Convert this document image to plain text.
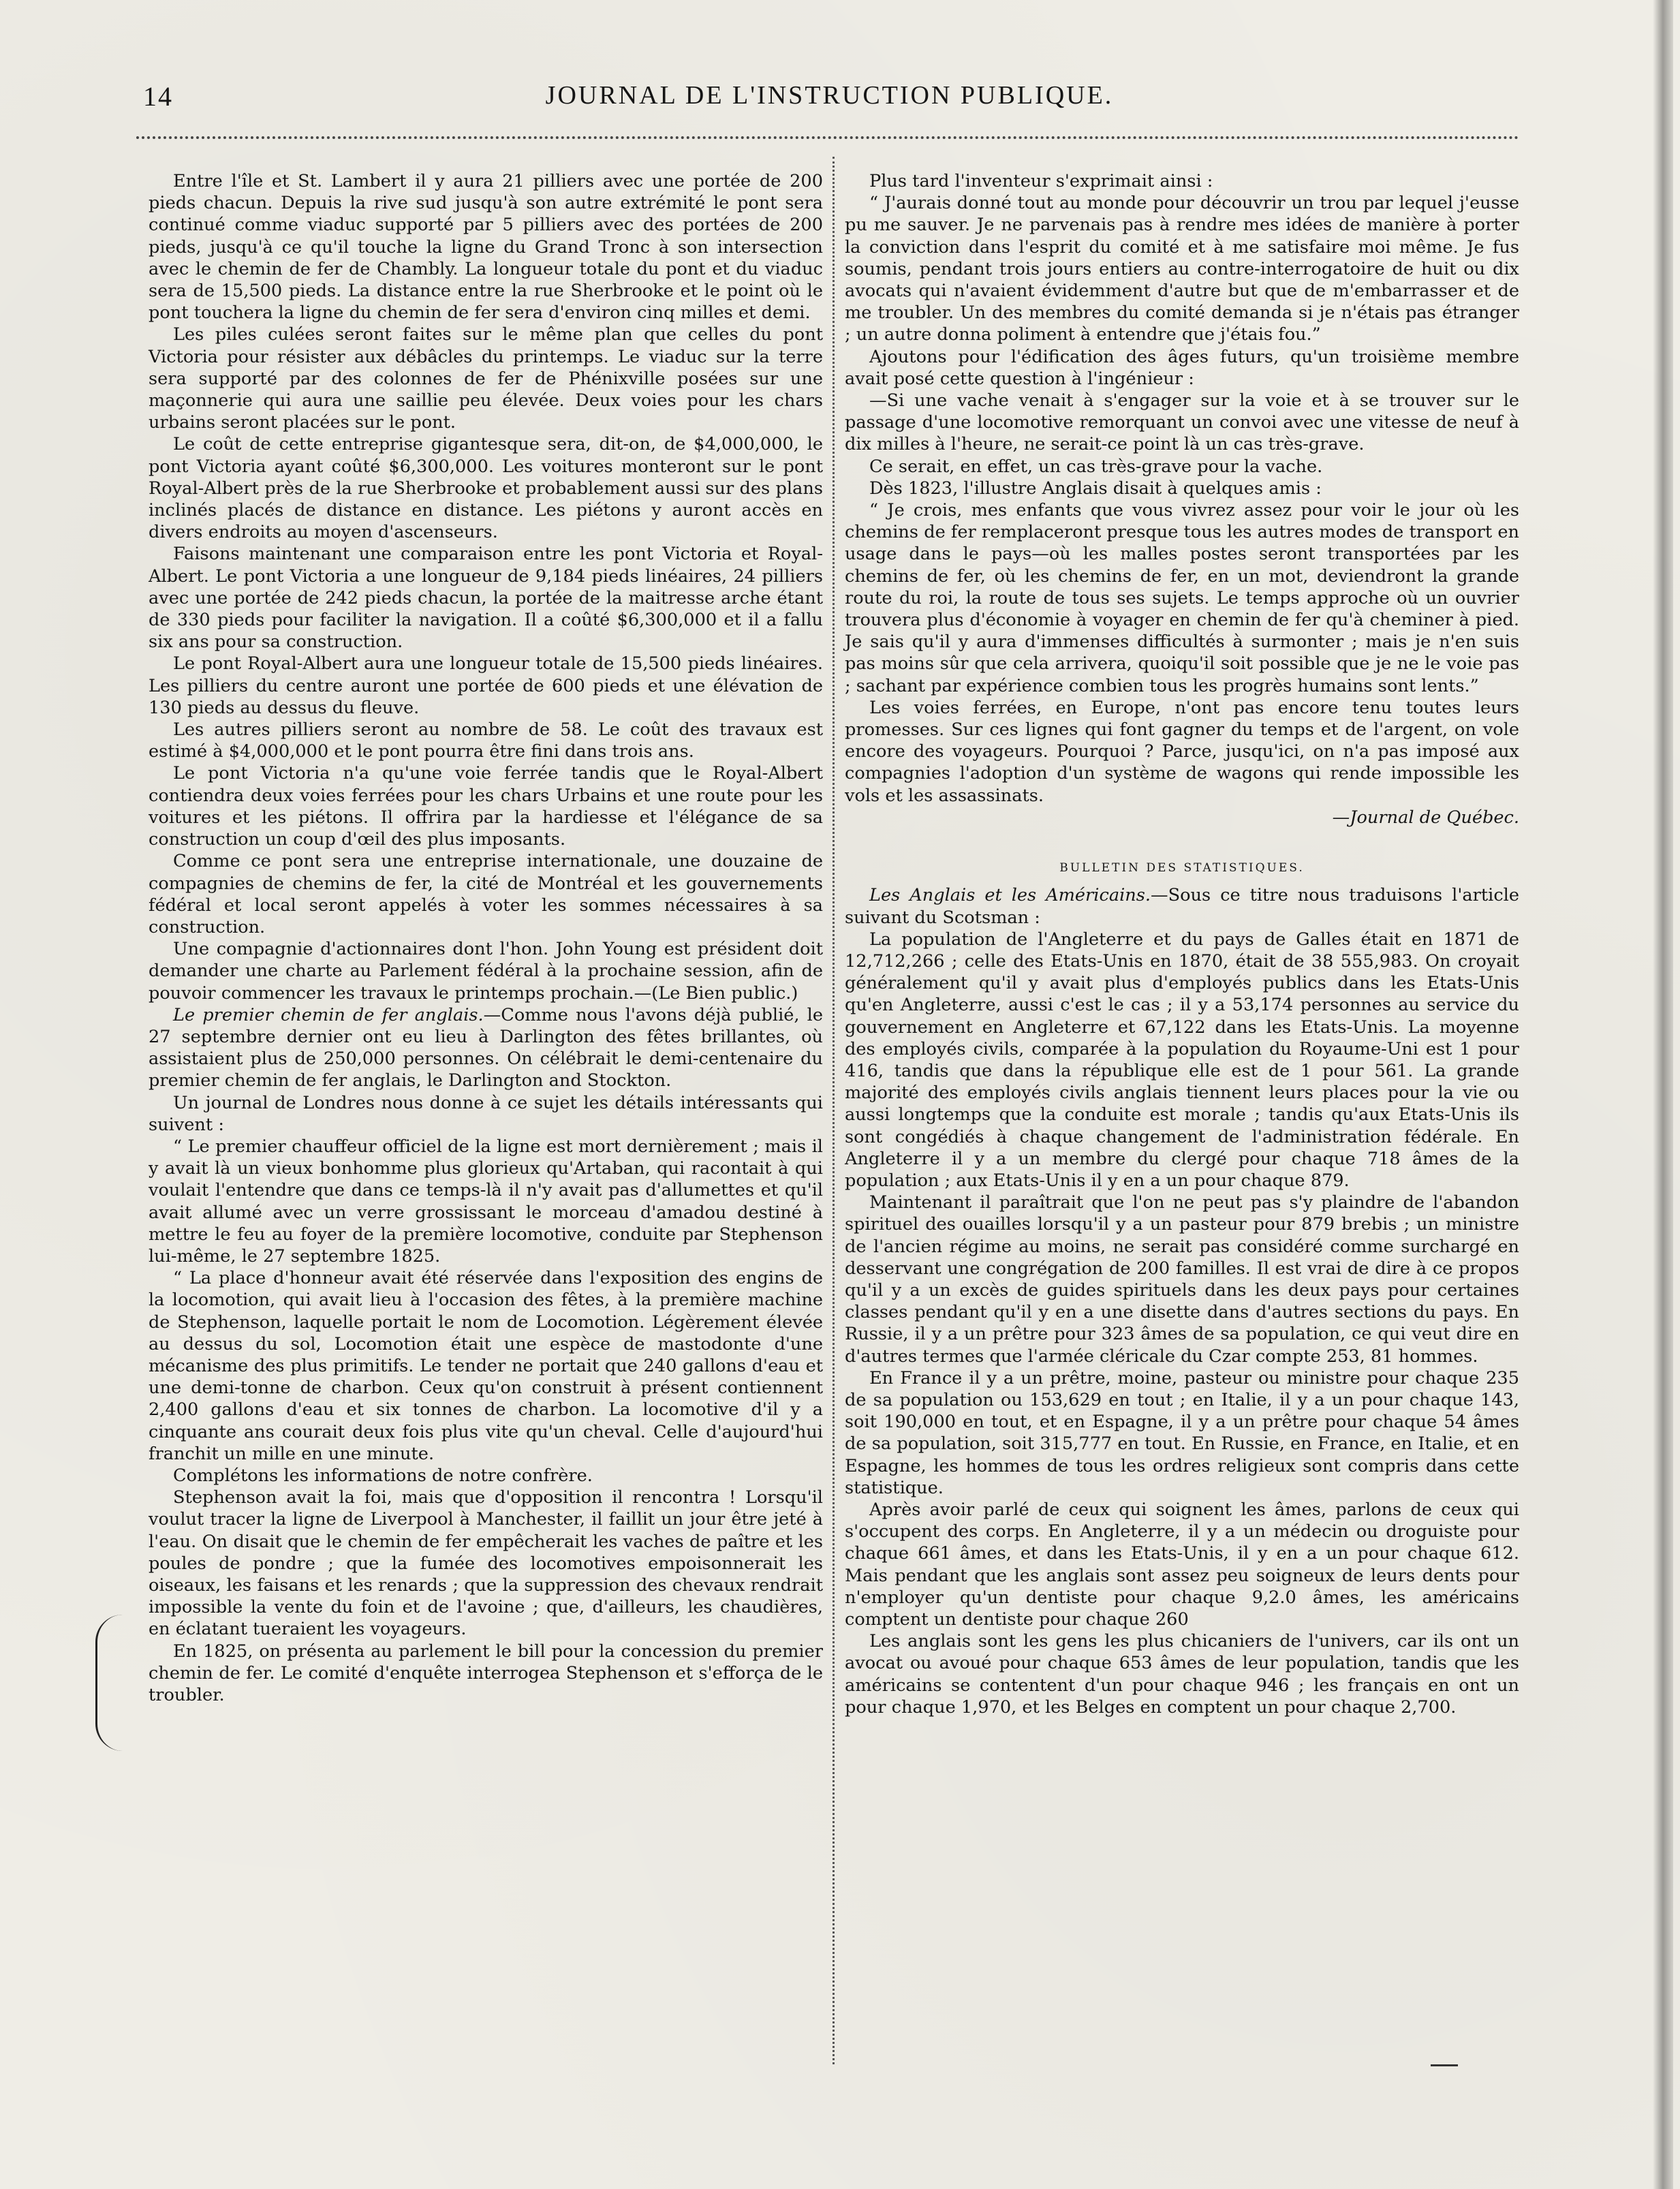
14	JOURNAL DE L'INSTRUCTION PUBLIQUE.

Entre l'île et St. Lambert il y aura 21 pilliers avec une portée de 200 pieds chacun. Depuis la rive sud jusqu'à son autre extrémité le pont sera continué comme viaduc supporté par 5 pilliers avec des portées de 200 pieds, jusqu'à ce qu'il touche la ligne du Grand Tronc à son intersection avec le chemin de fer de Chambly. La longueur totale du pont et du viaduc sera de 15,500 pieds. La distance entre la rue Sherbrooke et le point où le pont touchera la ligne du chemin de fer sera d'environ cinq milles et demi.

Les piles culées seront faites sur le même plan que celles du pont Victoria pour résister aux débâcles du printemps. Le viaduc sur la terre sera supporté par des colonnes de fer de Phénixville posées sur une maçonnerie qui aura une saillie peu élevée. Deux voies pour les chars urbains seront placées sur le pont.

Le coût de cette entreprise gigantesque sera, dit-on, de $4,000,000, le pont Victoria ayant coûté $6,300,000. Les voitures monteront sur le pont Royal-Albert près de la rue Sherbrooke et probablement aussi sur des plans inclinés placés de distance en distance. Les piétons y auront accès en divers endroits au moyen d'ascenseurs.

Faisons maintenant une comparaison entre les pont Victoria et Royal-Albert. Le pont Victoria a une longueur de 9,184 pieds linéaires, 24 pilliers avec une portée de 242 pieds chacun, la portée de la maitresse arche étant de 330 pieds pour faciliter la navigation. Il a coûté $6,300,000 et il a fallu six ans pour sa construction.

Le pont Royal-Albert aura une longueur totale de 15,500 pieds linéaires. Les pilliers du centre auront une portée de 600 pieds et une élévation de 130 pieds au dessus du fleuve.

Les autres pilliers seront au nombre de 58. Le coût des travaux est estimé à $4,000,000 et le pont pourra être fini dans trois ans.

Le pont Victoria n'a qu'une voie ferrée tandis que le Royal-Albert contiendra deux voies ferrées pour les chars Urbains et une route pour les voitures et les piétons. Il offrira par la hardiesse et l'élégance de sa construction un coup d'œil des plus imposants.

Comme ce pont sera une entreprise internationale, une douzaine de compagnies de chemins de fer, la cité de Montréal et les gouvernements fédéral et local seront appelés à voter les sommes nécessaires à sa construction.

Une compagnie d'actionnaires dont l'hon. John Young est président doit demander une charte au Parlement fédéral à la prochaine session, afin de pouvoir commencer les travaux le printemps prochain.—(Le Bien public.)

Le premier chemin de fer anglais.—Comme nous l'avons déjà publié, le 27 septembre dernier ont eu lieu à Darlington des fêtes brillantes, où assistaient plus de 250,000 personnes. On célébrait le demi-centenaire du premier chemin de fer anglais, le Darlington and Stockton.

Un journal de Londres nous donne à ce sujet les détails intéressants qui suivent :

“ Le premier chauffeur officiel de la ligne est mort dernièrement ; mais il y avait là un vieux bonhomme plus glorieux qu'Artaban, qui racontait à qui voulait l'entendre que dans ce temps-là il n'y avait pas d'allumettes et qu'il avait allumé avec un verre grossissant le morceau d'amadou destiné à mettre le feu au foyer de la première locomotive, conduite par Stephenson lui-même, le 27 septembre 1825.

“ La place d'honneur avait été réservée dans l'exposition des engins de la locomotion, qui avait lieu à l'occasion des fêtes, à la première machine de Stephenson, laquelle portait le nom de Locomotion. Légèrement élevée au dessus du sol, Locomotion était une espèce de mastodonte d'une mécanisme des plus primitifs. Le tender ne portait que 240 gallons d'eau et une demi-tonne de charbon. Ceux qu'on construit à présent contiennent 2,400 gallons d'eau et six tonnes de charbon. La locomotive d'il y a cinquante ans courait deux fois plus vite qu'un cheval. Celle d'aujourd'hui franchit un mille en une minute.

Complétons les informations de notre confrère.

Stephenson avait la foi, mais que d'opposition il rencontra ! Lorsqu'il voulut tracer la ligne de Liverpool à Manchester, il faillit un jour être jeté à l'eau. On disait que le chemin de fer empêcherait les vaches de paître et les poules de pondre ; que la fumée des locomotives empoisonnerait les oiseaux, les faisans et les renards ; que la suppression des chevaux rendrait impossible la vente du foin et de l'avoine ; que, d'ailleurs, les chaudières, en éclatant tueraient les voyageurs.

En 1825, on présenta au parlement le bill pour la concession du premier chemin de fer. Le comité d'enquête interrogea Stephenson et s'efforça de le troubler.

Plus tard l'inventeur s'exprimait ainsi :

“ J'aurais donné tout au monde pour découvrir un trou par lequel j'eusse pu me sauver. Je ne parvenais pas à rendre mes idées de manière à porter la conviction dans l'esprit du comité et à me satisfaire moi même. Je fus soumis, pendant trois jours entiers au contre-interrogatoire de huit ou dix avocats qui n'avaient évidemment d'autre but que de m'embarrasser et de me troubler. Un des membres du comité demanda si je n'étais pas étranger ; un autre donna poliment à entendre que j'étais fou.”

Ajoutons pour l'édification des âges futurs, qu'un troisième membre avait posé cette question à l'ingénieur :

—Si une vache venait à s'engager sur la voie et à se trouver sur le passage d'une locomotive remorquant un convoi avec une vitesse de neuf à dix milles à l'heure, ne serait-ce point là un cas très-grave.

Ce serait, en effet, un cas très-grave pour la vache.

Dès 1823, l'illustre Anglais disait à quelques amis :

“ Je crois, mes enfants que vous vivrez assez pour voir le jour où les chemins de fer remplaceront presque tous les autres modes de transport en usage dans le pays—où les malles postes seront transportées par les chemins de fer, où les chemins de fer, en un mot, deviendront la grande route du roi, la route de tous ses sujets. Le temps approche où un ouvrier trouvera plus d'économie à voyager en chemin de fer qu'à cheminer à pied. Je sais qu'il y aura d'immenses difficultés à surmonter ; mais je n'en suis pas moins sûr que cela arrivera, quoiqu'il soit possible que je ne le voie pas ; sachant par expérience combien tous les progrès humains sont lents.”

Les voies ferrées, en Europe, n'ont pas encore tenu toutes leurs promesses. Sur ces lignes qui font gagner du temps et de l'argent, on vole encore des voyageurs. Pourquoi ? Parce, jusqu'ici, on n'a pas imposé aux compagnies l'adoption d'un système de wagons qui rende impossible les vols et les assassinats.

—Journal de Québec.

BULLETIN DES STATISTIQUES.

Les Anglais et les Américains.—Sous ce titre nous traduisons l'article suivant du Scotsman :

La population de l'Angleterre et du pays de Galles était en 1871 de 12,712,266 ; celle des Etats-Unis en 1870, était de 38 555,983. On croyait généralement qu'il y avait plus d'employés publics dans les Etats-Unis qu'en Angleterre, aussi c'est le cas ; il y a 53,174 personnes au service du gouvernement en Angleterre et 67,122 dans les Etats-Unis. La moyenne des employés civils, comparée à la population du Royaume-Uni est 1 pour 416, tandis que dans la république elle est de 1 pour 561. La grande majorité des employés civils anglais tiennent leurs places pour la vie ou aussi longtemps que la conduite est morale ; tandis qu'aux Etats-Unis ils sont congédiés à chaque changement de l'administration fédérale. En Angleterre il y a un membre du clergé pour chaque 718 âmes de la population ; aux Etats-Unis il y en a un pour chaque 879.

Maintenant il paraîtrait que l'on ne peut pas s'y plaindre de l'abandon spirituel des ouailles lorsqu'il y a un pasteur pour 879 brebis ; un ministre de l'ancien régime au moins, ne serait pas considéré comme surchargé en desservant une congrégation de 200 familles. Il est vrai de dire à ce propos qu'il y a un excès de guides spirituels dans les deux pays pour certaines classes pendant qu'il y en a une disette dans d'autres sections du pays. En Russie, il y a un prêtre pour 323 âmes de sa population, ce qui veut dire en d'autres termes que l'armée cléricale du Czar compte 253, 81 hommes.

En France il y a un prêtre, moine, pasteur ou ministre pour chaque 235 de sa population ou 153,629 en tout ; en Italie, il y a un pour chaque 143, soit 190,000 en tout, et en Espagne, il y a un prêtre pour chaque 54 âmes de sa population, soit 315,777 en tout. En Russie, en France, en Italie, et en Espagne, les hommes de tous les ordres religieux sont compris dans cette statistique.

Après avoir parlé de ceux qui soignent les âmes, parlons de ceux qui s'occupent des corps. En Angleterre, il y a un médecin ou droguiste pour chaque 661 âmes, et dans les Etats-Unis, il y en a un pour chaque 612. Mais pendant que les anglais sont assez peu soigneux de leurs dents pour n'employer qu'un dentiste pour chaque 9,2.0 âmes, les américains comptent un dentiste pour chaque 260

Les anglais sont les gens les plus chicaniers de l'univers, car ils ont un avocat ou avoué pour chaque 653 âmes de leur population, tandis que les américains se contentent d'un pour chaque 946 ; les français en ont un pour chaque 1,970, et les Belges en comptent un pour chaque 2,700.
